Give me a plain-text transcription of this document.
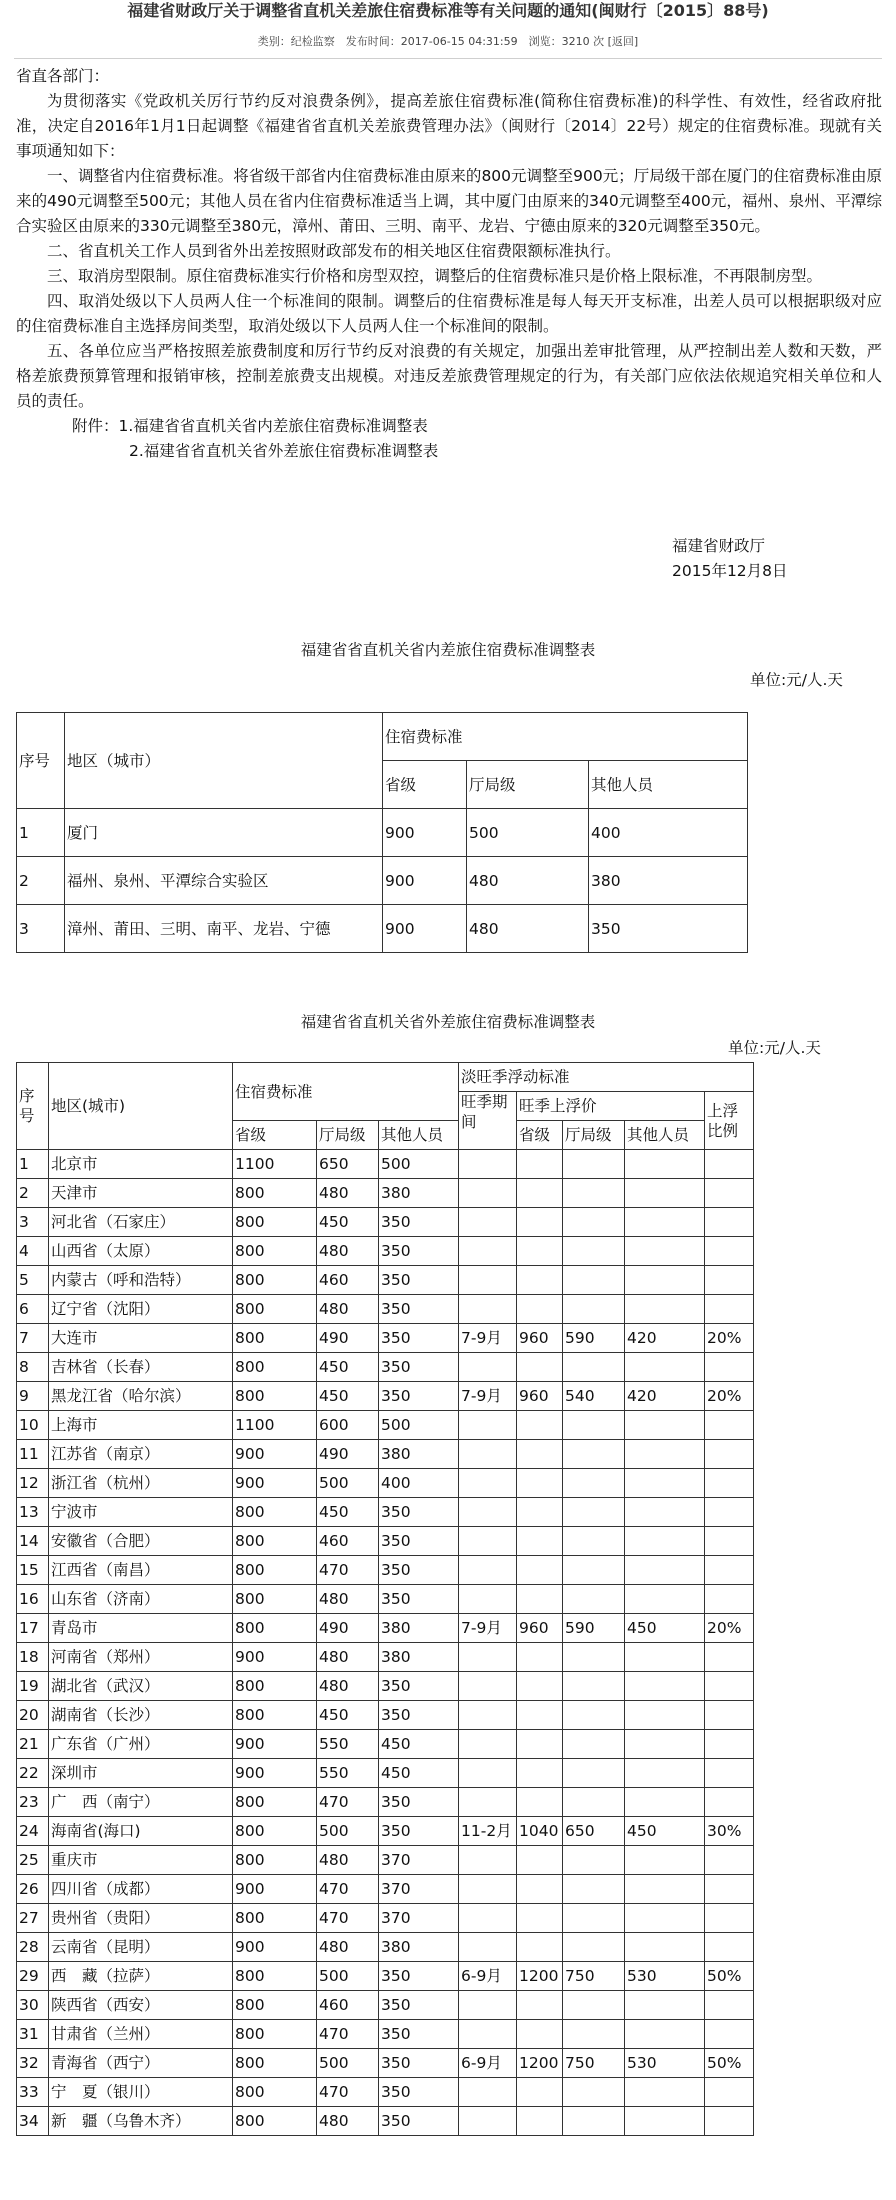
福建省财政厅关于调整省直机关差旅住宿费标准等有关问题的通知(闽财行〔2015〕88号)
类别：纪检监察　发布时间：2017-06-15 04:31:59　浏览：3210 次 [返回]

省直各部门：

为贯彻落实《党政机关厉行节约反对浪费条例》，提高差旅住宿费标准(简称住宿费标准)的科学性、有效性，经省政府批准，决定自2016年1月1日起调整《福建省省直机关差旅费管理办法》（闽财行〔2014〕22号）规定的住宿费标准。现就有关事项通知如下：

一、调整省内住宿费标准。将省级干部省内住宿费标准由原来的800元调整至900元；厅局级干部在厦门的住宿费标准由原来的490元调整至500元；其他人员在省内住宿费标准适当上调，其中厦门由原来的340元调整至400元，福州、泉州、平潭综合实验区由原来的330元调整至380元，漳州、莆田、三明、南平、龙岩、宁德由原来的320元调整至350元。

二、省直机关工作人员到省外出差按照财政部发布的相关地区住宿费限额标准执行。

三、取消房型限制。原住宿费标准实行价格和房型双控，调整后的住宿费标准只是价格上限标准，不再限制房型。

四、取消处级以下人员两人住一个标准间的限制。调整后的住宿费标准是每人每天开支标准，出差人员可以根据职级对应的住宿费标准自主选择房间类型，取消处级以下人员两人住一个标准间的限制。

五、各单位应当严格按照差旅费制度和厉行节约反对浪费的有关规定，加强出差审批管理，从严控制出差人数和天数，严格差旅费预算管理和报销审核，控制差旅费支出规模。对违反差旅费管理规定的行为，有关部门应依法依规追究相关单位和人员的责任。

附件：1.福建省省直机关省内差旅住宿费标准调整表

2.福建省省直机关省外差旅住宿费标准调整表

福建省财政厅
2015年12月8日
福建省省直机关省内差旅住宿费标准调整表
单位:元/人.天
序号	地区（城市）	住宿费标准		
		省级	厅局级	其他人员
1	厦门	900	500	400
2	福州、泉州、平潭综合实验区	900	480	380
3	漳州、莆田、三明、南平、龙岩、宁德	900	480	350
福建省省直机关省外差旅住宿费标准调整表
单位:元/人.天
序号	地区(城市)	住宿费标准			淡旺季浮动标准				
					旺季期间	旺季上浮价			上浮比例
		省级	厅局级	其他人员		省级	厅局级	其他人员	
1	北京市	1100	650	500					
2	天津市	800	480	380					
3	河北省（石家庄）	800	450	350					
4	山西省（太原）	800	480	350					
5	内蒙古（呼和浩特）	800	460	350					
6	辽宁省（沈阳）	800	480	350					
7	大连市	800	490	350	7-9月	960	590	420	20%
8	吉林省（长春）	800	450	350					
9	黑龙江省（哈尔滨）	800	450	350	7-9月	960	540	420	20%
10	上海市	1100	600	500					
11	江苏省（南京）	900	490	380					
12	浙江省（杭州）	900	500	400					
13	宁波市	800	450	350					
14	安徽省（合肥）	800	460	350					
15	江西省（南昌）	800	470	350					
16	山东省（济南）	800	480	350					
17	青岛市	800	490	380	7-9月	960	590	450	20%
18	河南省（郑州）	900	480	380					
19	湖北省（武汉）	800	480	350					
20	湖南省（长沙）	800	450	350					
21	广东省（广州）	900	550	450					
22	深圳市	900	550	450					
23	广　西（南宁）	800	470	350					
24	海南省(海口)	800	500	350	11-2月	1040	650	450	30%
25	重庆市	800	480	370					
26	四川省（成都）	900	470	370					
27	贵州省（贵阳）	800	470	370					
28	云南省（昆明）	900	480	380					
29	西　藏（拉萨）	800	500	350	6-9月	1200	750	530	50%
30	陕西省（西安）	800	460	350					
31	甘肃省（兰州）	800	470	350					
32	青海省（西宁）	800	500	350	6-9月	1200	750	530	50%
33	宁　夏（银川）	800	470	350					
34	新　疆（乌鲁木齐）	800	480	350					
